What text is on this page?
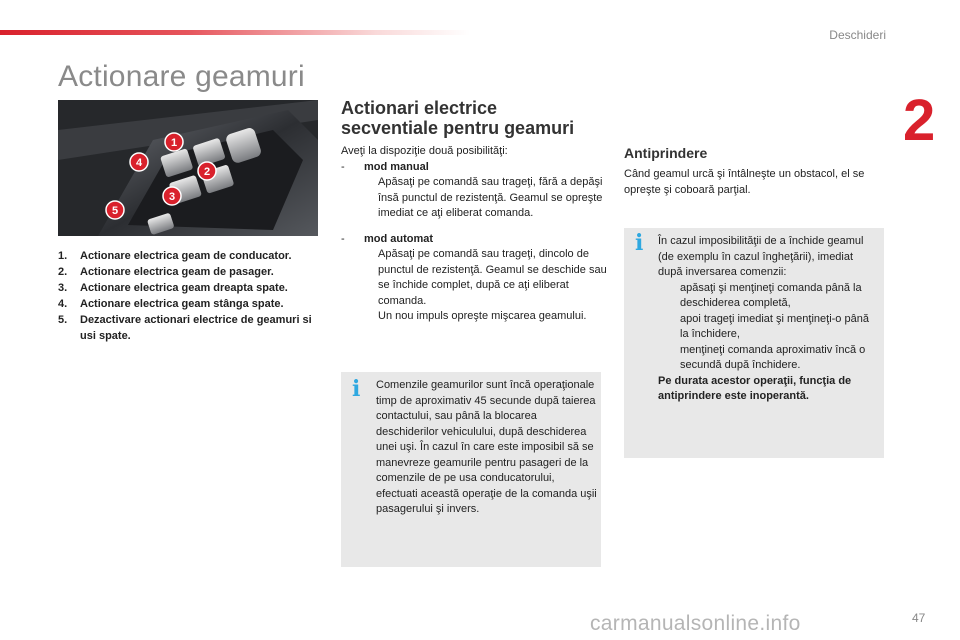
Deschideri
2
Actionare geamuri
1
2
3
4
5
1.	Actionare electrica geam de conducator.
2.	Actionare electrica geam de pasager.
3.	Actionare electrica geam dreapta spate.
4.	Actionare electrica geam stânga spate.
5.	Dezactivare actionari electrice de geamuri si usi spate.
Actionari electrice
secventiale pentru geamuri
Aveţi la dispoziţie două posibilităţi:
-	mod manual
Apăsaţi pe comandă sau trageţi, fără a depăşi însă punctul de rezistenţă. Geamul se opreşte imediat ce aţi eliberat comanda.
-	mod automat
Apăsaţi pe comandă sau trageţi, dincolo de punctul de rezistenţă. Geamul se deschide sau se închide complet, după ce aţi eliberat comanda.
Un nou impuls opreşte mişcarea geamului.
i Comenzile geamurilor sunt încă operaţionale timp de aproximativ 45 secunde după taierea contactului, sau până la blocarea deschiderilor vehiculului, după deschiderea unei uşi. În cazul în care este imposibil să se manevreze geamurile pentru pasageri de la comenzile de pe usa conducatorului, efectuati această operaţie de la comanda uşii pasagerului şi invers.
Antiprindere
Când geamul urcă şi întâlneşte un obstacol, el se opreşte şi coboară parţial.
i În cazul imposibilităţii de a închide geamul (de exemplu în cazul îngheţării), imediat după inversarea comenzii:
apăsaţi şi menţineţi comanda până la deschiderea completă,
apoi trageţi imediat şi menţineţi-o până la închidere,
menţineţi comanda aproximativ încă o secundă după închidere.
Pe durata acestor operaţii, funcţia de antiprindere este inoperantă.
carmanualsonline.info	47
